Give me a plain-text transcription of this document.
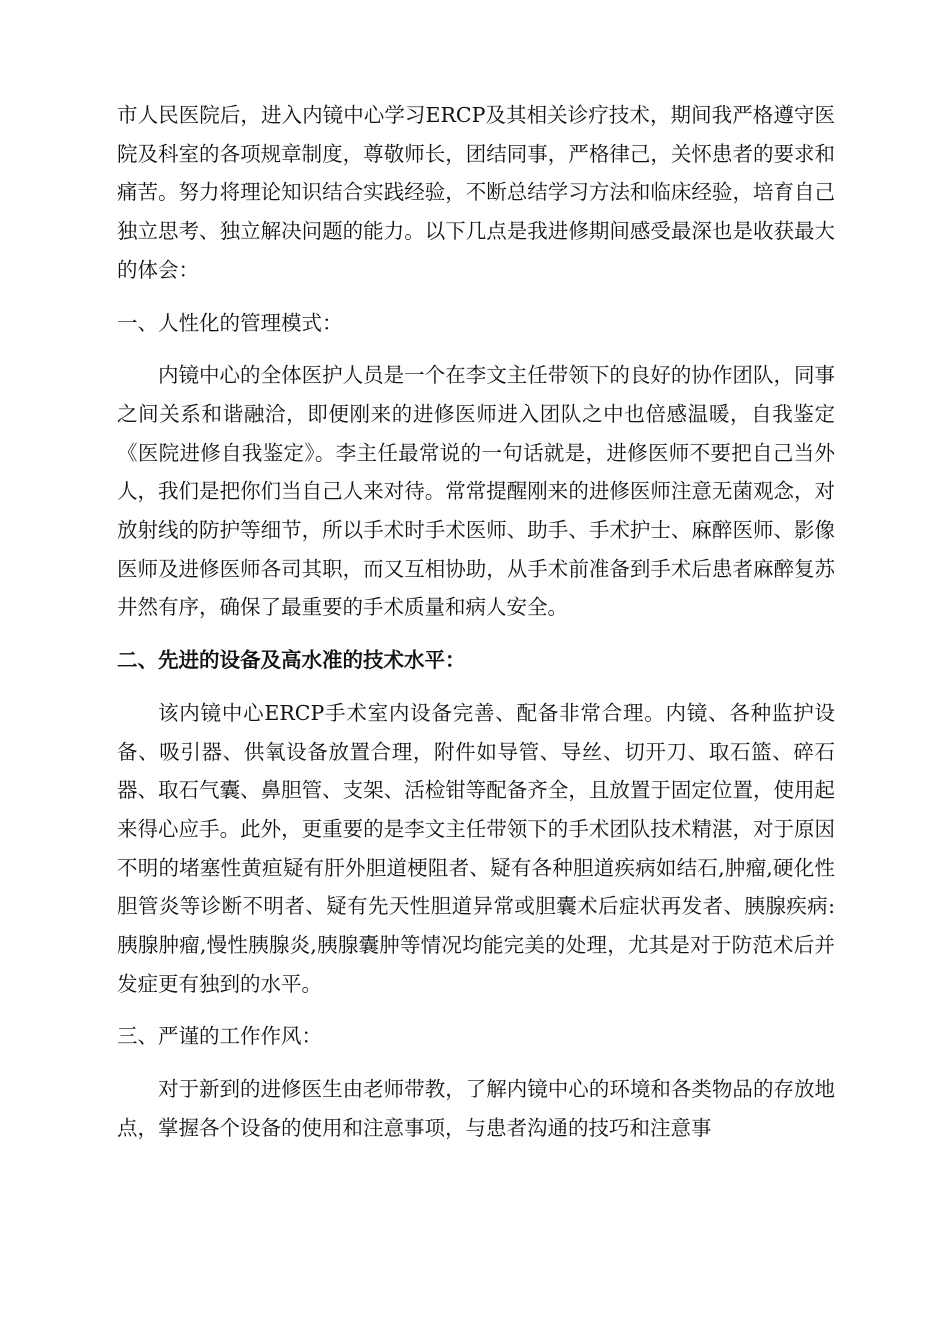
市人民医院后，进入内镜中心学习ERCP及其相关诊疗技术，期间我严格遵守医院及科室的各项规章制度，尊敬师长，团结同事，严格律己，关怀患者的要求和痛苦。努力将理论知识结合实践经验，不断总结学习方法和临床经验，培育自己独立思考、独立解决问题的能力。以下几点是我进修期间感受最深也是收获最大的体会：

一、人性化的管理模式：

内镜中心的全体医护人员是一个在李文主任带领下的良好的协作团队，同事之间关系和谐融洽，即便刚来的进修医师进入团队之中也倍感温暖，自我鉴定《医院进修自我鉴定》。李主任最常说的一句话就是，进修医师不要把自己当外人，我们是把你们当自己人来对待。常常提醒刚来的进修医师注意无菌观念，对放射线的防护等细节，所以手术时手术医师、助手、手术护士、麻醉医师、影像医师及进修医师各司其职，而又互相协助，从手术前准备到手术后患者麻醉复苏井然有序，确保了最重要的手术质量和病人安全。

二、先进的设备及高水准的技术水平：

该内镜中心ERCP手术室内设备完善、配备非常合理。内镜、各种监护设备、吸引器、供氧设备放置合理，附件如导管、导丝、切开刀、取石篮、碎石器、取石气囊、鼻胆管、支架、活检钳等配备齐全，且放置于固定位置，使用起来得心应手。此外，更重要的是李文主任带领下的手术团队技术精湛，对于原因不明的堵塞性黄疸疑有肝外胆道梗阻者、疑有各种胆道疾病如结石,肿瘤,硬化性胆管炎等诊断不明者、疑有先天性胆道异常或胆囊术后症状再发者、胰腺疾病:胰腺肿瘤,慢性胰腺炎,胰腺囊肿等情况均能完美的处理，尤其是对于防范术后并发症更有独到的水平。

三、严谨的工作作风：

对于新到的进修医生由老师带教，了解内镜中心的环境和各类物品的存放地点，掌握各个设备的使用和注意事项，与患者沟通的技巧和注意事
